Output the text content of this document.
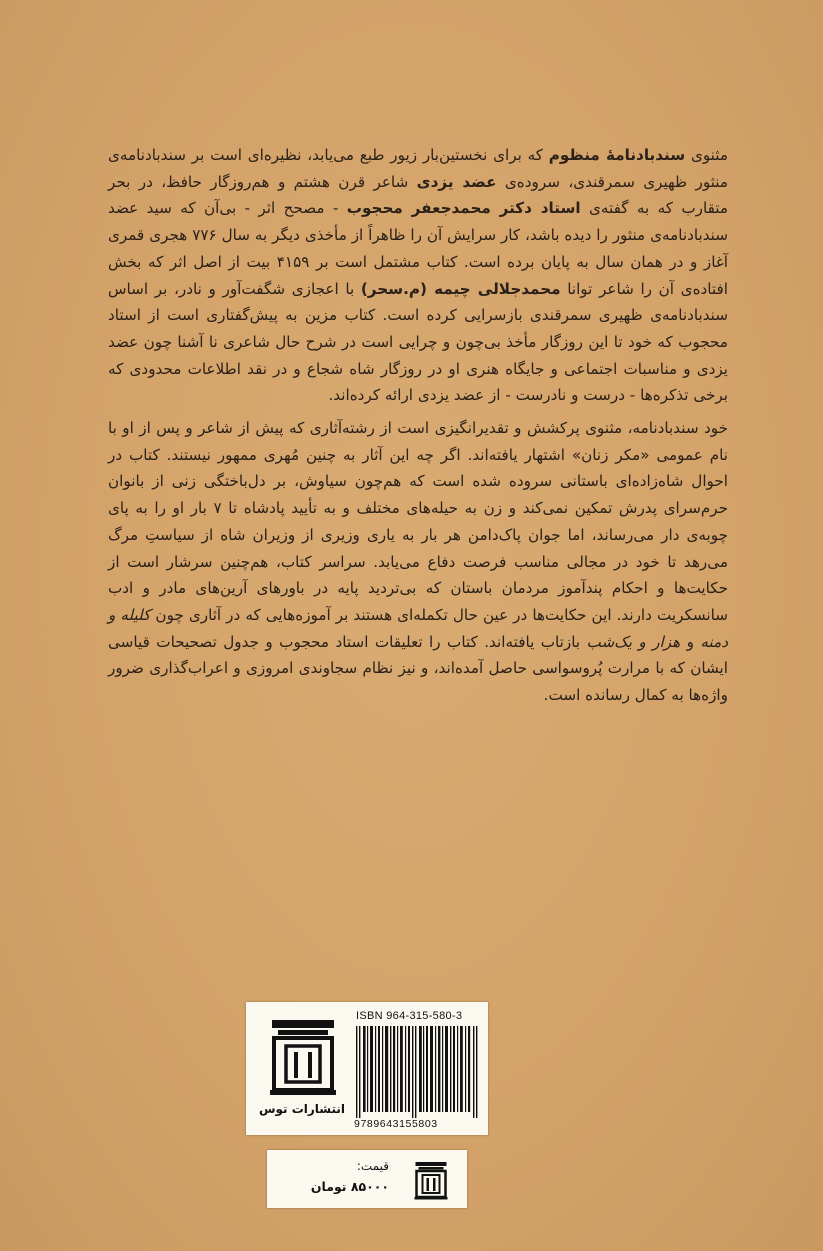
مثنوی سندبادنامهٔ منظوم که برای نخستین‌بار زیور طبع می‌یابد، نظیره‌ای است بر سندبادنامه‌ی منثور ظهیری سمرقندی، سروده‌ی عضد یزدی شاعر قرن هشتم و هم‌روزگار حافظ، در بحر متقارب که به گفته‌ی استاد دکتر محمدجعفر محجوب - مصحح اثر - بی‌آن که سید عضد سندبادنامه‌ی منثور را دیده باشد، کار سرایش آن را ظاهراً از مأخذی دیگر به سال ۷۷۶ هجری قمری آغاز و در همان سال به پایان برده است. کتاب مشتمل است بر ۴۱۵۹ بیت از اصل اثر که بخش افتاده‌ی آن را شاعر توانا محمدجلالی چیمه (م.سحر) با اعجازی شگفت‌آور و نادر، بر اساس سندبادنامه‌ی ظهیری سمرقندی بازسرایی کرده است. کتاب مزین به پیش‌گفتاری است از استاد محجوب که خود تا این روزگار مأخذ بی‌چون و چرایی است در شرح حال شاعری نا آشنا چون عضد یزدی و مناسبات اجتماعی و جایگاه هنری او در روزگار شاه شجاع و در نقد اطلاعات محدودی که برخی تذکره‌ها - درست و نادرست - از عضد یزدی ارائه کرده‌اند.

خود سندبادنامه، مثنوی پرکشش و تقدیرانگیزی است از رشته‌آثاری که پیش از شاعر و پس از او با نام عمومی «مکر زنان» اشتهار یافته‌اند. اگر چه این آثار به چنین مُهری ممهور نیستند. کتاب در احوال شاه‌زاده‌ای باستانی سروده شده است که هم‌چون سیاوش، بر دل‌باختگی زنی از بانوان حرم‌سرای پدرش تمکین نمی‌کند و زن به حیله‌های مختلف و به تأیید پادشاه تا ۷ بار او را به پای چوبه‌ی دار می‌رساند، اما جوان پاک‌دامن هر بار به یاری وزیری از وزیران شاه از سیاستِ مرگ می‌رهد تا خود در مجالی مناسب فرصت دفاع می‌یابد. سراسر کتاب، هم‌چنین سرشار است از حکایت‌ها و احکام پندآموز مردمان باستان که بی‌تردید پایه در باورهای آرین‌های مادر و ادب سانسکریت دارند. این حکایت‌ها در عین حال تکمله‌ای هستند بر آموزه‌هایی که در آثاری چون کلیله و دمنه و هزار و یک‌شب بازتاب یافته‌اند. کتاب را تعلیقات استاد محجوب و جدول تصحیحات قیاسی ایشان که با مرارت پُروسواسی حاصل آمده‌اند، و نیز نظام سجاوندی امروزی و اعراب‌گذاری ضرور واژه‌ها به کمال رسانده است.

انتشارات توس
ISBN 964-315-580-3
9789643155803
قیمت:
۸۵۰۰۰ تومان
